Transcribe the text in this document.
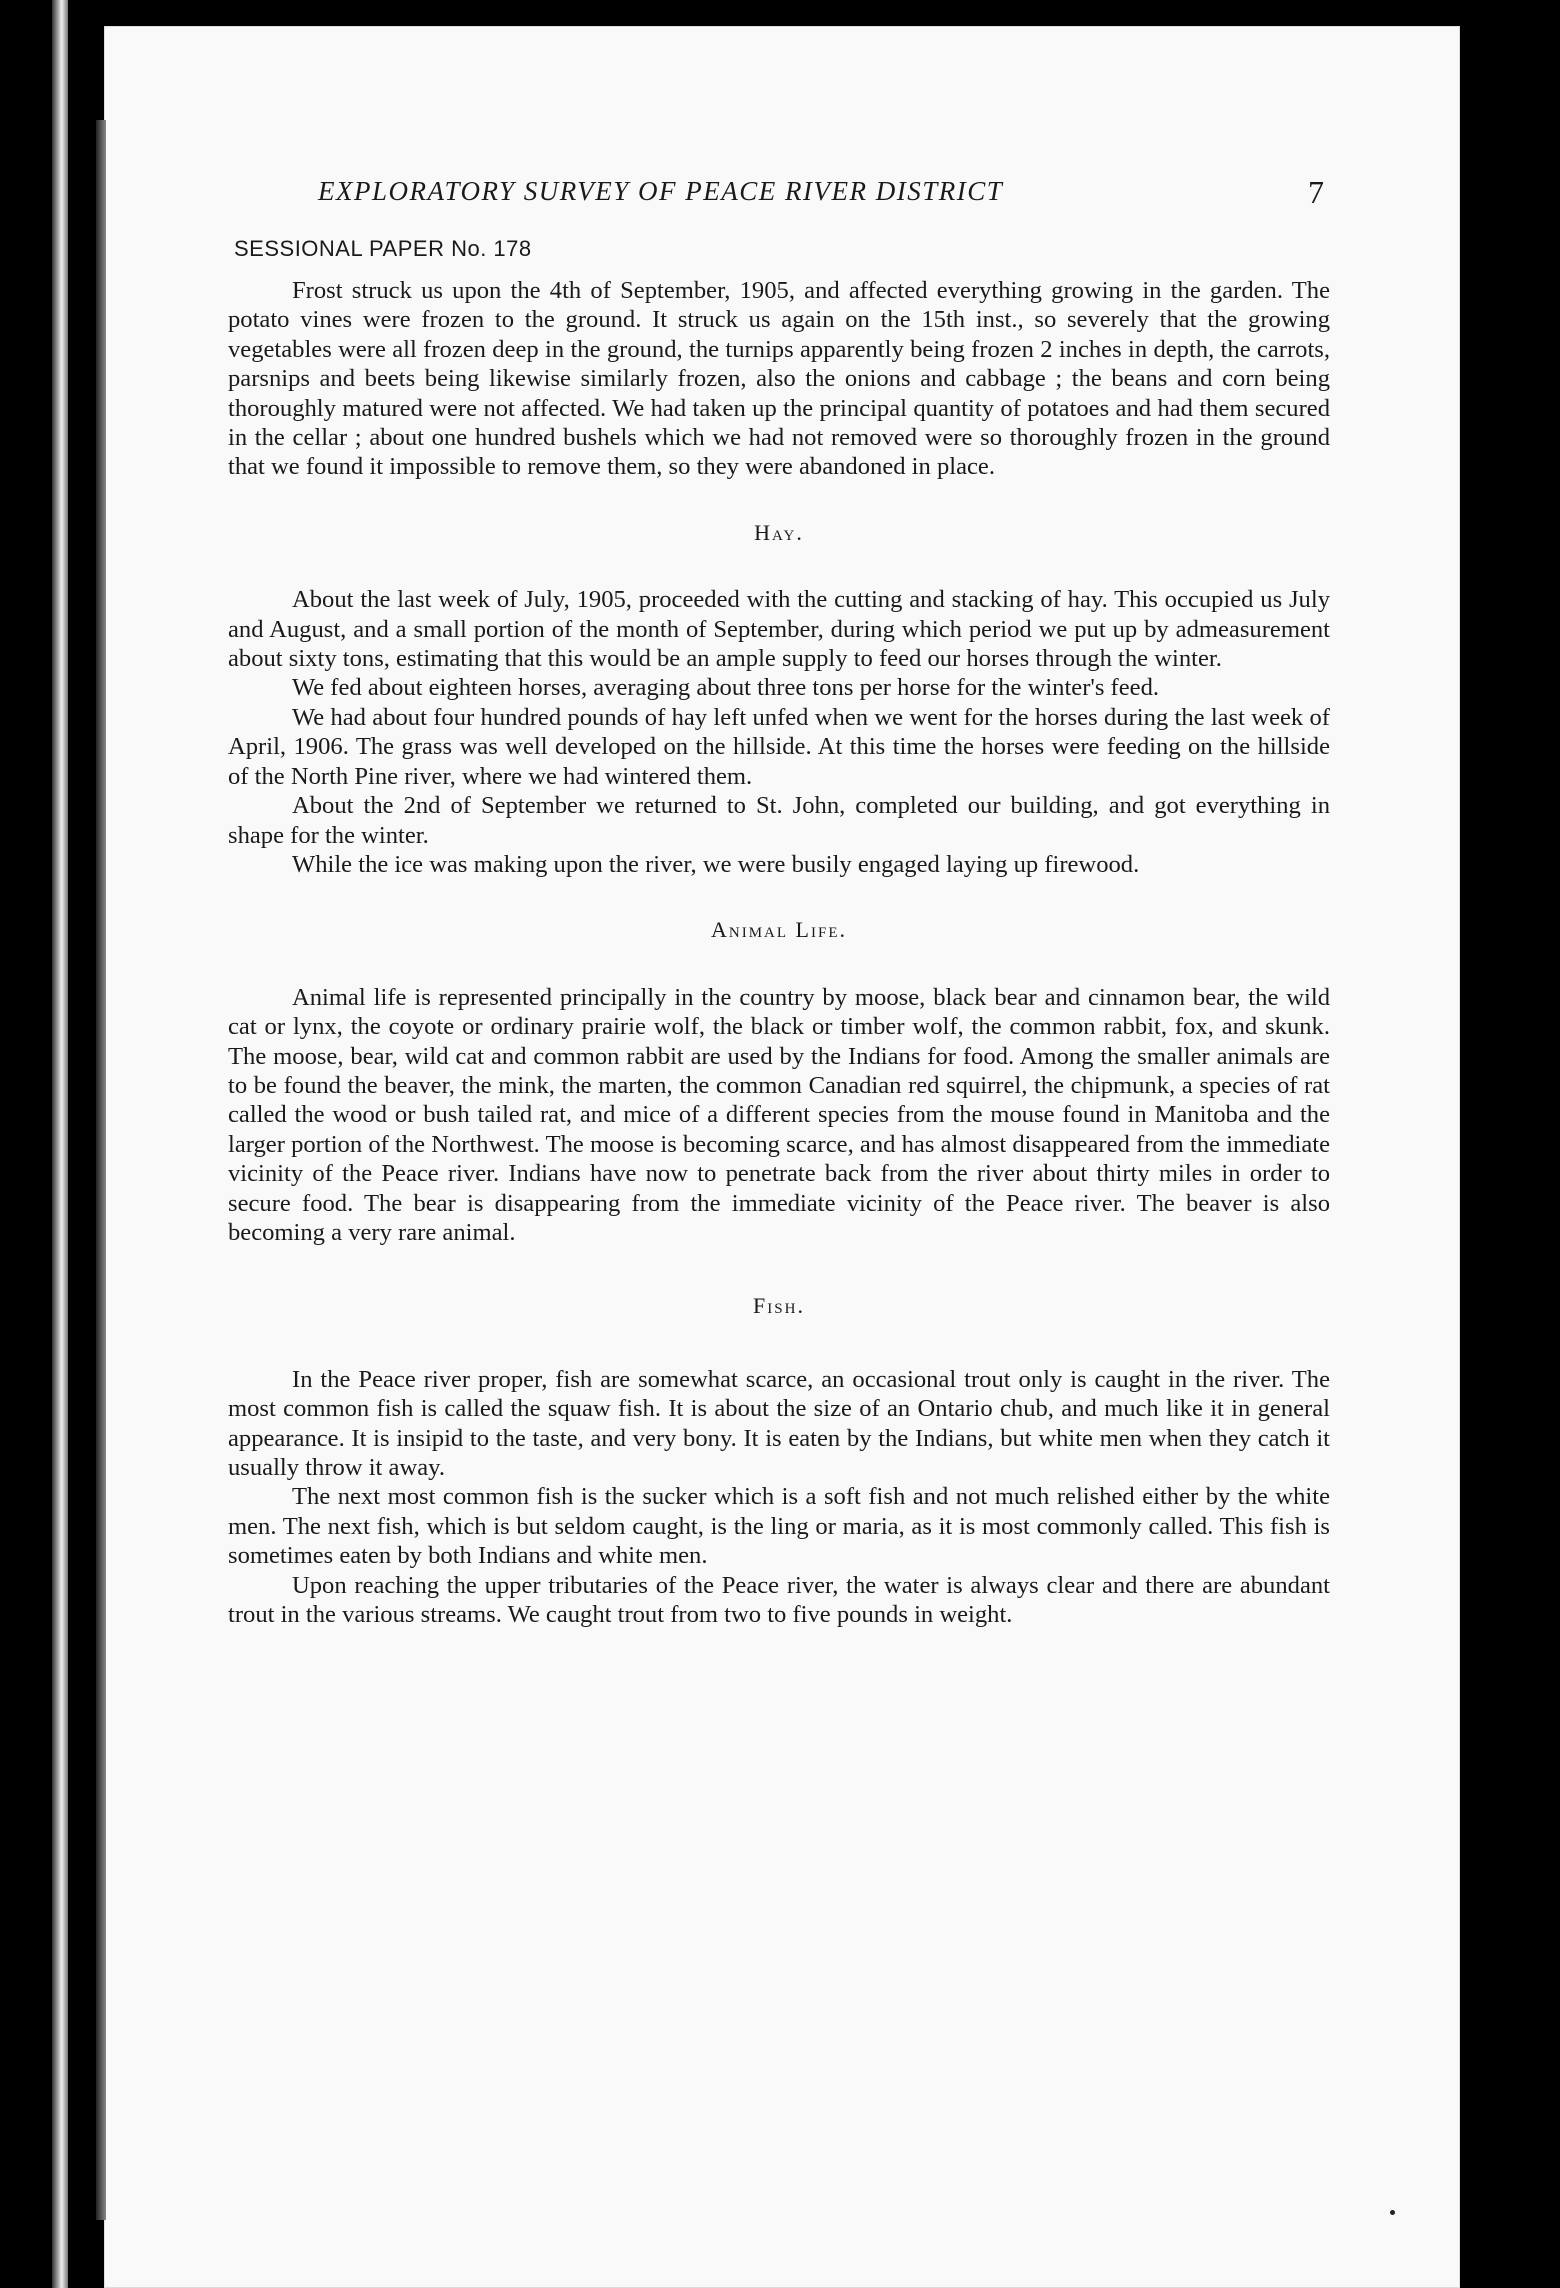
EXPLORATORY SURVEY OF PEACE RIVER DISTRICT	7
SESSIONAL PAPER No. 178

Frost struck us upon the 4th of September, 1905, and affected everything growing in the garden. The potato vines were frozen to the ground. It struck us again on the 15th inst., so severely that the growing vegetables were all frozen deep in the ground, the turnips apparently being frozen 2 inches in depth, the carrots, parsnips and beets being likewise similarly frozen, also the onions and cabbage ; the beans and corn being thoroughly matured were not affected. We had taken up the principal quantity of potatoes and had them secured in the cellar ; about one hundred bushels which we had not removed were so thoroughly frozen in the ground that we found it impossible to remove them, so they were abandoned in place.

Hay.

About the last week of July, 1905, proceeded with the cutting and stacking of hay. This occupied us July and August, and a small portion of the month of September, during which period we put up by admeasurement about sixty tons, estimating that this would be an ample supply to feed our horses through the winter.

We fed about eighteen horses, averaging about three tons per horse for the winter's feed.

We had about four hundred pounds of hay left unfed when we went for the horses during the last week of April, 1906. The grass was well developed on the hillside. At this time the horses were feeding on the hillside of the North Pine river, where we had wintered them.

About the 2nd of September we returned to St. John, completed our building, and got everything in shape for the winter.

While the ice was making upon the river, we were busily engaged laying up firewood.

Animal Life.

Animal life is represented principally in the country by moose, black bear and cinnamon bear, the wild cat or lynx, the coyote or ordinary prairie wolf, the black or timber wolf, the common rabbit, fox, and skunk. The moose, bear, wild cat and common rabbit are used by the Indians for food. Among the smaller animals are to be found the beaver, the mink, the marten, the common Canadian red squirrel, the chipmunk, a species of rat called the wood or bush tailed rat, and mice of a different species from the mouse found in Manitoba and the larger portion of the Northwest. The moose is becoming scarce, and has almost disappeared from the immediate vicinity of the Peace river. Indians have now to penetrate back from the river about thirty miles in order to secure food. The bear is disappearing from the immediate vicinity of the Peace river. The beaver is also becoming a very rare animal.

Fish.

In the Peace river proper, fish are somewhat scarce, an occasional trout only is caught in the river. The most common fish is called the squaw fish. It is about the size of an Ontario chub, and much like it in general appearance. It is insipid to the taste, and very bony. It is eaten by the Indians, but white men when they catch it usually throw it away.

The next most common fish is the sucker which is a soft fish and not much relished either by the white men. The next fish, which is but seldom caught, is the ling or maria, as it is most commonly called. This fish is sometimes eaten by both Indians and white men.

Upon reaching the upper tributaries of the Peace river, the water is always clear and there are abundant trout in the various streams. We caught trout from two to five pounds in weight.
